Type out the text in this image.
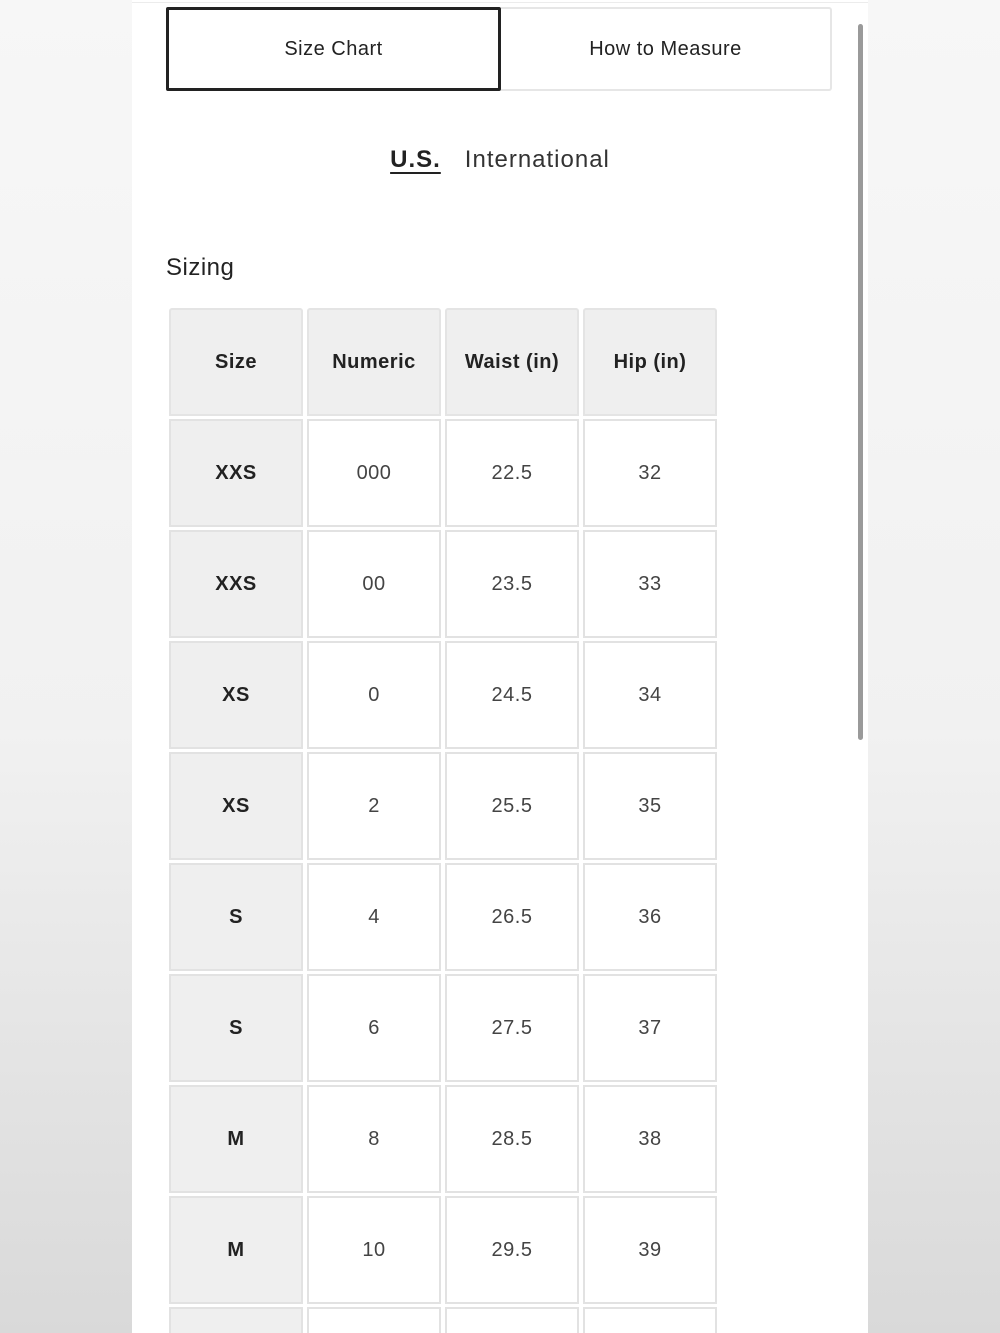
Size Chart	How to Measure
U.S. International
Sizing
Size	Numeric	Waist (in)	Hip (in)
XXS	000	22.5	32
XXS	00	23.5	33
XS	0	24.5	34
XS	2	25.5	35
S	4	26.5	36
S	6	27.5	37
M	8	28.5	38
M	10	29.5	39
